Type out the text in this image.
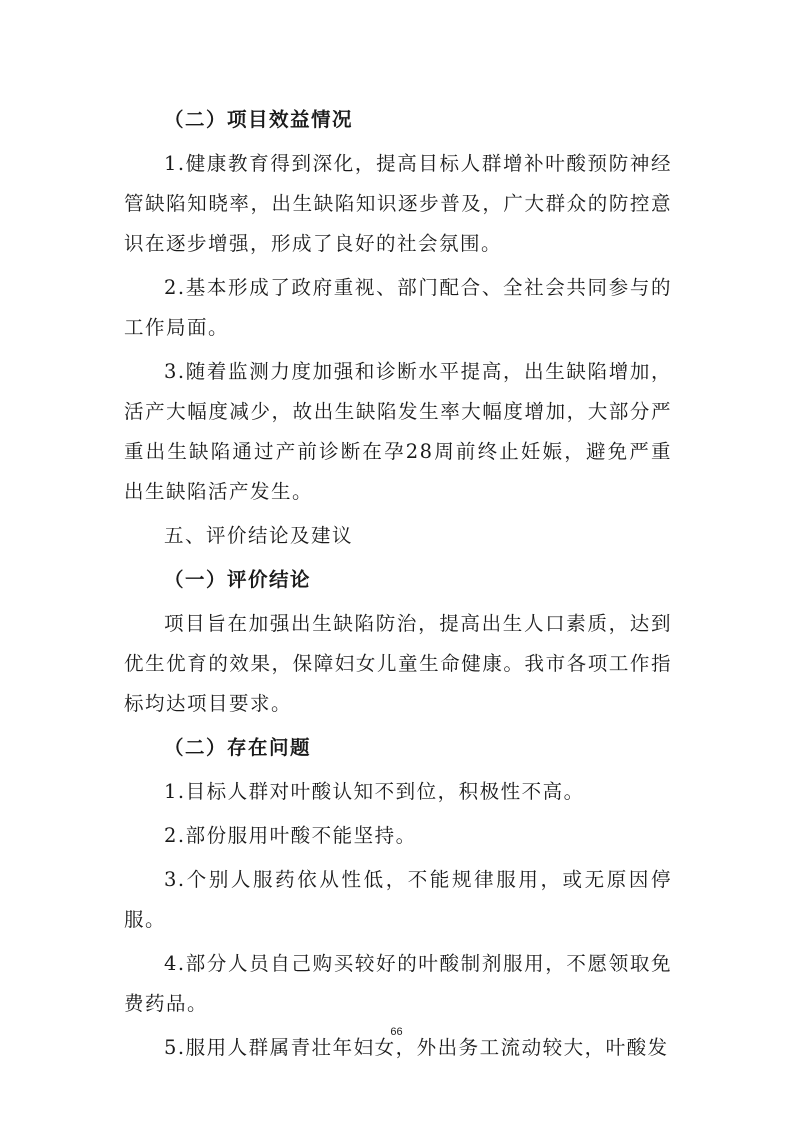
（二）项目效益情况

1.健康教育得到深化，提高目标人群增补叶酸预防神经管缺陷知晓率，出生缺陷知识逐步普及，广大群众的防控意识在逐步增强，形成了良好的社会氛围。

2.基本形成了政府重视、部门配合、全社会共同参与的工作局面。

3.随着监测力度加强和诊断水平提高，出生缺陷增加，活产大幅度减少，故出生缺陷发生率大幅度增加，大部分严重出生缺陷通过产前诊断在孕28周前终止妊娠，避免严重出生缺陷活产发生。

五、评价结论及建议

（一）评价结论

项目旨在加强出生缺陷防治，提高出生人口素质，达到优生优育的效果，保障妇女儿童生命健康。我市各项工作指标均达项目要求。

（二）存在问题

1.目标人群对叶酸认知不到位，积极性不高。

2.部份服用叶酸不能坚持。

3.个别人服药依从性低，不能规律服用，或无原因停服。

4.部分人员自己购买较好的叶酸制剂服用，不愿领取免费药品。

5.服用人群属青壮年妇女，外出务工流动较大，叶酸发

66
